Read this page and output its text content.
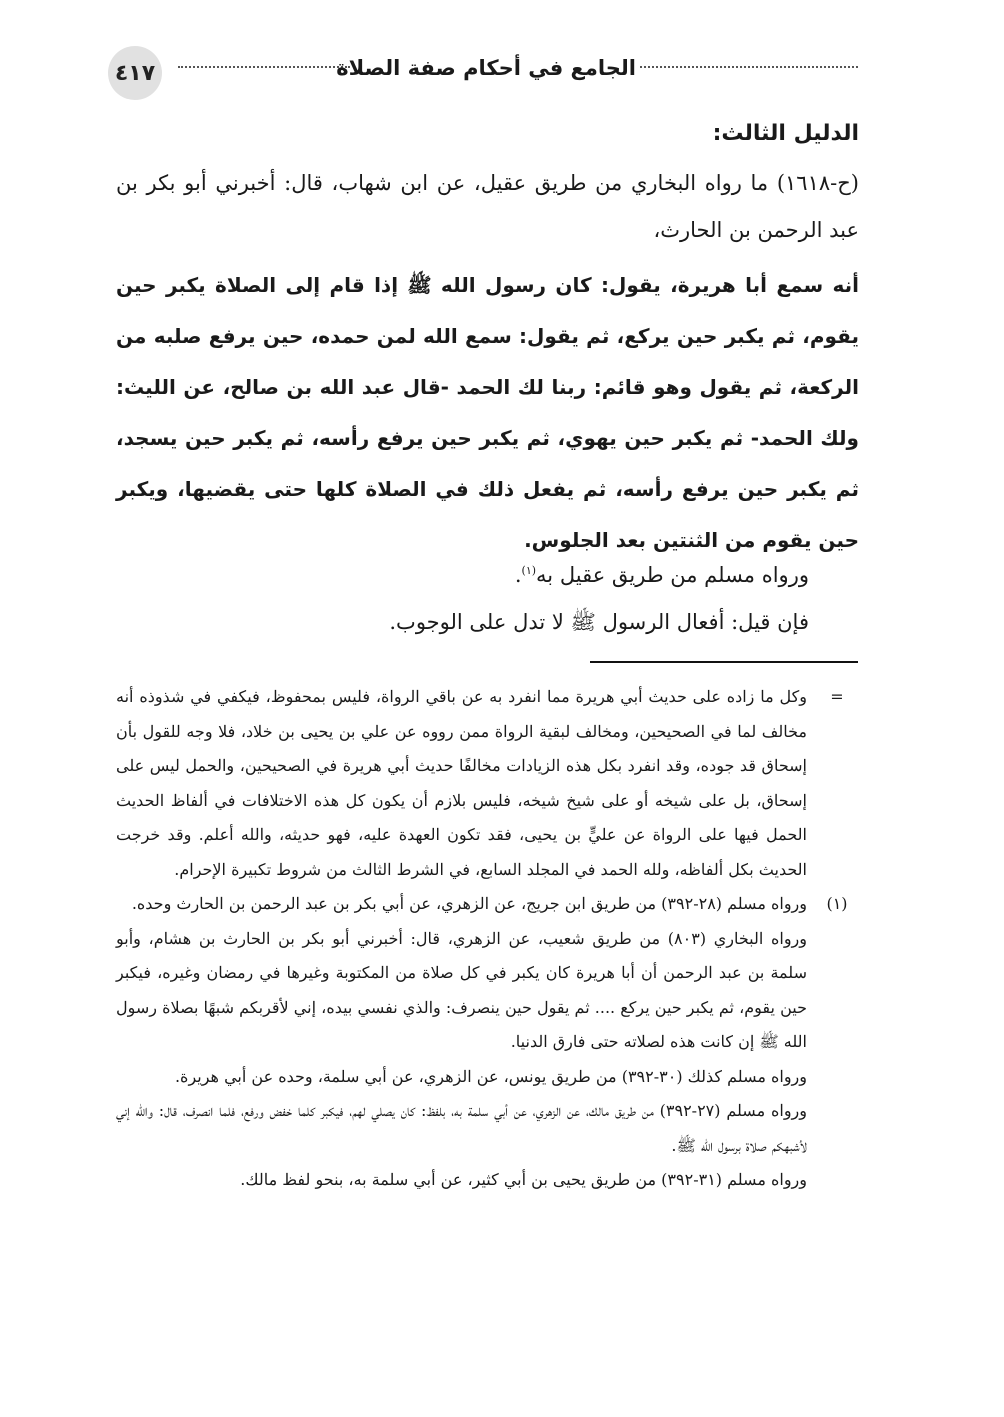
٤١٧	الجامع في أحكام صفة الصلاة
الدليل الثالث:
(ح-١٦١٨) ما رواه البخاري من طريق عقيل، عن ابن شهاب، قال: أخبرني أبو بكر بن عبد الرحمن بن الحارث،
أنه سمع أبا هريرة، يقول: كان رسول الله ﷺ إذا قام إلى الصلاة يكبر حين يقوم، ثم يكبر حين يركع، ثم يقول: سمع الله لمن حمده، حين يرفع صلبه من الركعة، ثم يقول وهو قائم: ربنا لك الحمد -قال عبد الله بن صالح، عن الليث: ولك الحمد- ثم يكبر حين يهوي، ثم يكبر حين يرفع رأسه، ثم يكبر حين يسجد، ثم يكبر حين يرفع رأسه، ثم يفعل ذلك في الصلاة كلها حتى يقضيها، ويكبر حين يقوم من الثنتين بعد الجلوس.

ورواه مسلم من طريق عقيل به$^{(١)}$.

فإن قيل: أفعال الرسول ﷺ لا تدل على الوجوب.

=
وكل ما زاده على حديث أبي هريرة مما انفرد به عن باقي الرواة، فليس بمحفوظ، فيكفي في شذوذه أنه مخالف لما في الصحيحين، ومخالف لبقية الرواة ممن رووه عن علي بن يحيى بن خلاد، فلا وجه للقول بأن إسحاق قد جوده، وقد انفرد بكل هذه الزيادات مخالفًا حديث أبي هريرة في الصحيحين، والحمل ليس على إسحاق، بل على شيخه أو على شيخ شيخه، فليس بلازم أن يكون كل هذه الاختلافات في ألفاظ الحديث الحمل فيها على الرواة عن عليٍّ بن يحيى، فقد تكون العهدة عليه، فهو حديثه، والله أعلم. وقد خرجت الحديث بكل ألفاظه، ولله الحمد في المجلد السابع، في الشرط الثالث من شروط تكبيرة الإحرام.
(١)
ورواه مسلم (٢٨-٣٩٢) من طريق ابن جريج، عن الزهري، عن أبي بكر بن عبد الرحمن بن الحارث وحده.
ورواه البخاري (٨٠٣) من طريق شعيب، عن الزهري، قال: أخبرني أبو بكر بن الحارث بن هشام، وأبو سلمة بن عبد الرحمن أن أبا هريرة كان يكبر في كل صلاة من المكتوبة وغيرها في رمضان وغيره، فيكبر حين يقوم، ثم يكبر حين يركع .... ثم يقول حين ينصرف: والذي نفسي بيده، إني لأقربكم شبهًا بصلاة رسول الله ﷺ إن كانت هذه لصلاته حتى فارق الدنيا.
ورواه مسلم كذلك (٣٠-٣٩٢) من طريق يونس، عن الزهري، عن أبي سلمة، وحده عن أبي هريرة.
ورواه مسلم (٢٧-٣٩٢) من طريق مالك، عن الزهري، عن أبي سلمة به، بلفظ: كان يصلي لهم، فيكبر كلما خفض ورفع، فلما انصرف، قال: والله إني لأشبهكم صلاة برسول الله ﷺ.
ورواه مسلم (٣١-٣٩٢) من طريق يحيى بن أبي كثير، عن أبي سلمة به، بنحو لفظ مالك.
